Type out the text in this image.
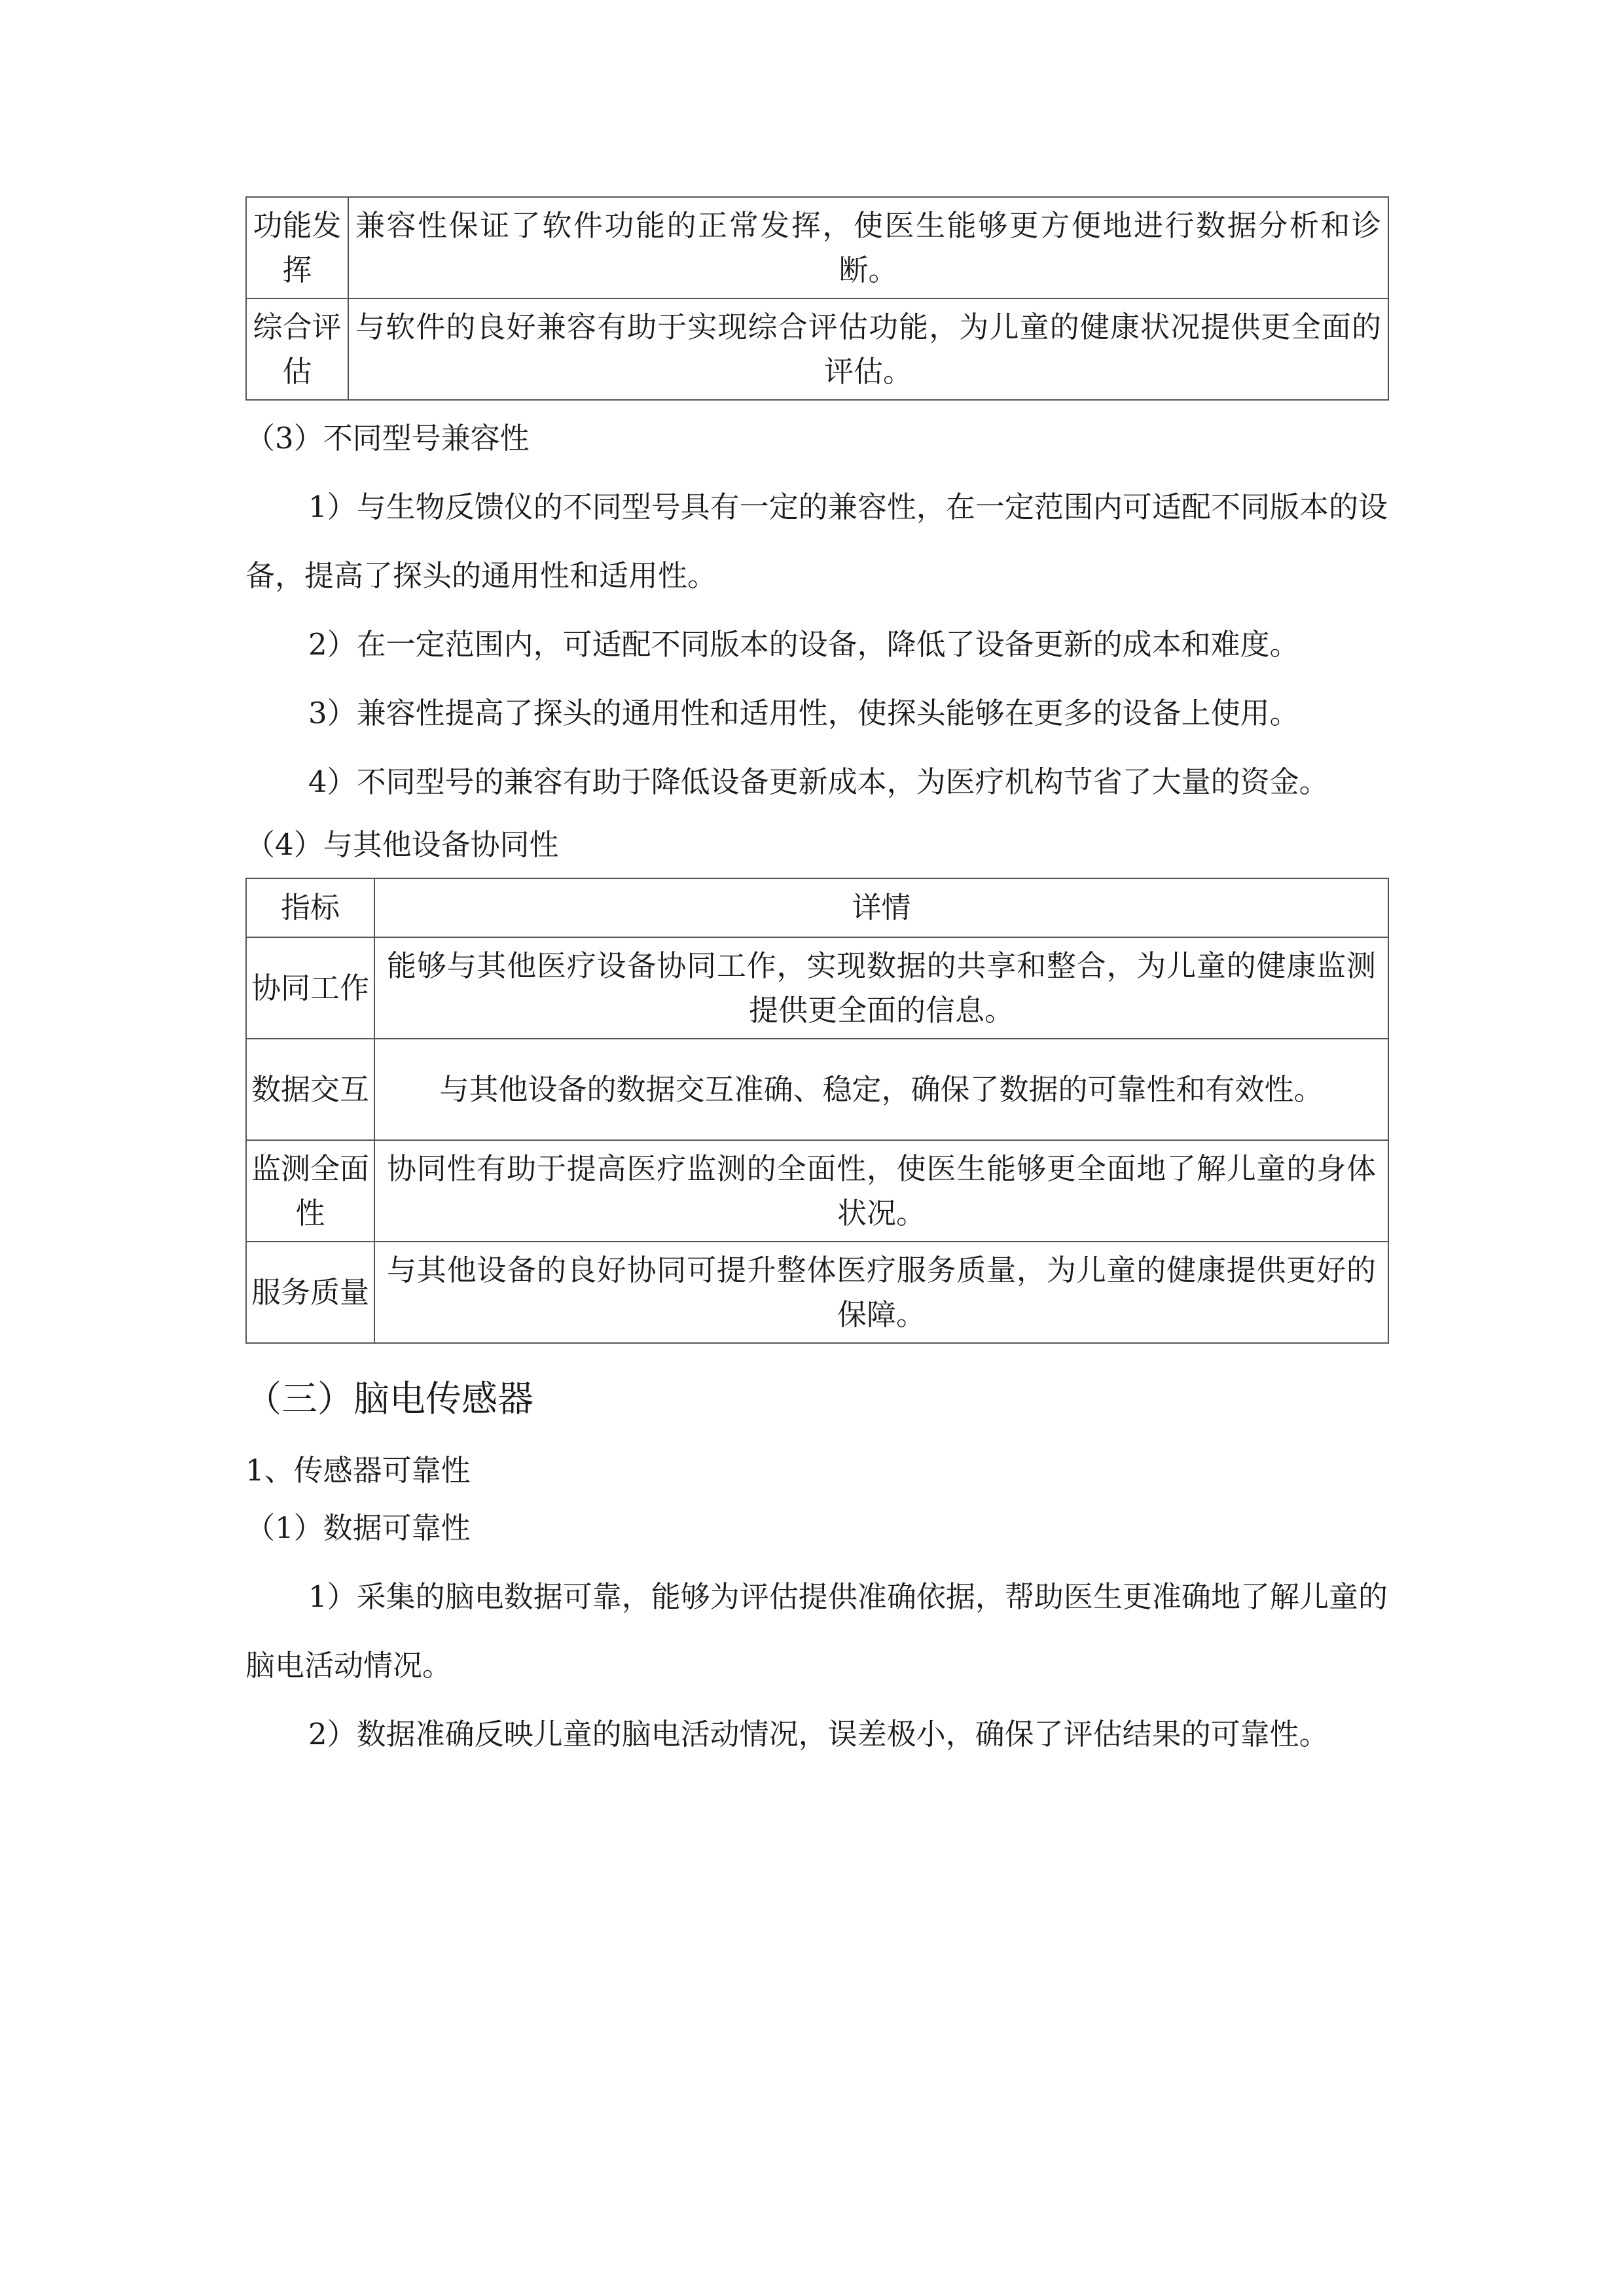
功能发挥	兼容性保证了软件功能的正常发挥，使医生能够更方便地进行数据分析和诊断。
综合评估	与软件的良好兼容有助于实现综合评估功能，为儿童的健康状况提供更全面的评估。

（3）不同型号兼容性

1）与生物反馈仪的不同型号具有一定的兼容性，在一定范围内可适配不同版本的设备，提高了探头的通用性和适用性。

2）在一定范围内，可适配不同版本的设备，降低了设备更新的成本和难度。

3）兼容性提高了探头的通用性和适用性，使探头能够在更多的设备上使用。

4）不同型号的兼容有助于降低设备更新成本，为医疗机构节省了大量的资金。

（4）与其他设备协同性

指标	详情
协同工作	能够与其他医疗设备协同工作，实现数据的共享和整合，为儿童的健康监测提供更全面的信息。
数据交互	与其他设备的数据交互准确、稳定，确保了数据的可靠性和有效性。
监测全面性	协同性有助于提高医疗监测的全面性，使医生能够更全面地了解儿童的身体状况。
服务质量	与其他设备的良好协同可提升整体医疗服务质量，为儿童的健康提供更好的保障。

（三）脑电传感器

1、传感器可靠性

（1）数据可靠性

1）采集的脑电数据可靠，能够为评估提供准确依据，帮助医生更准确地了解儿童的脑电活动情况。

2）数据准确反映儿童的脑电活动情况，误差极小，确保了评估结果的可靠性。
